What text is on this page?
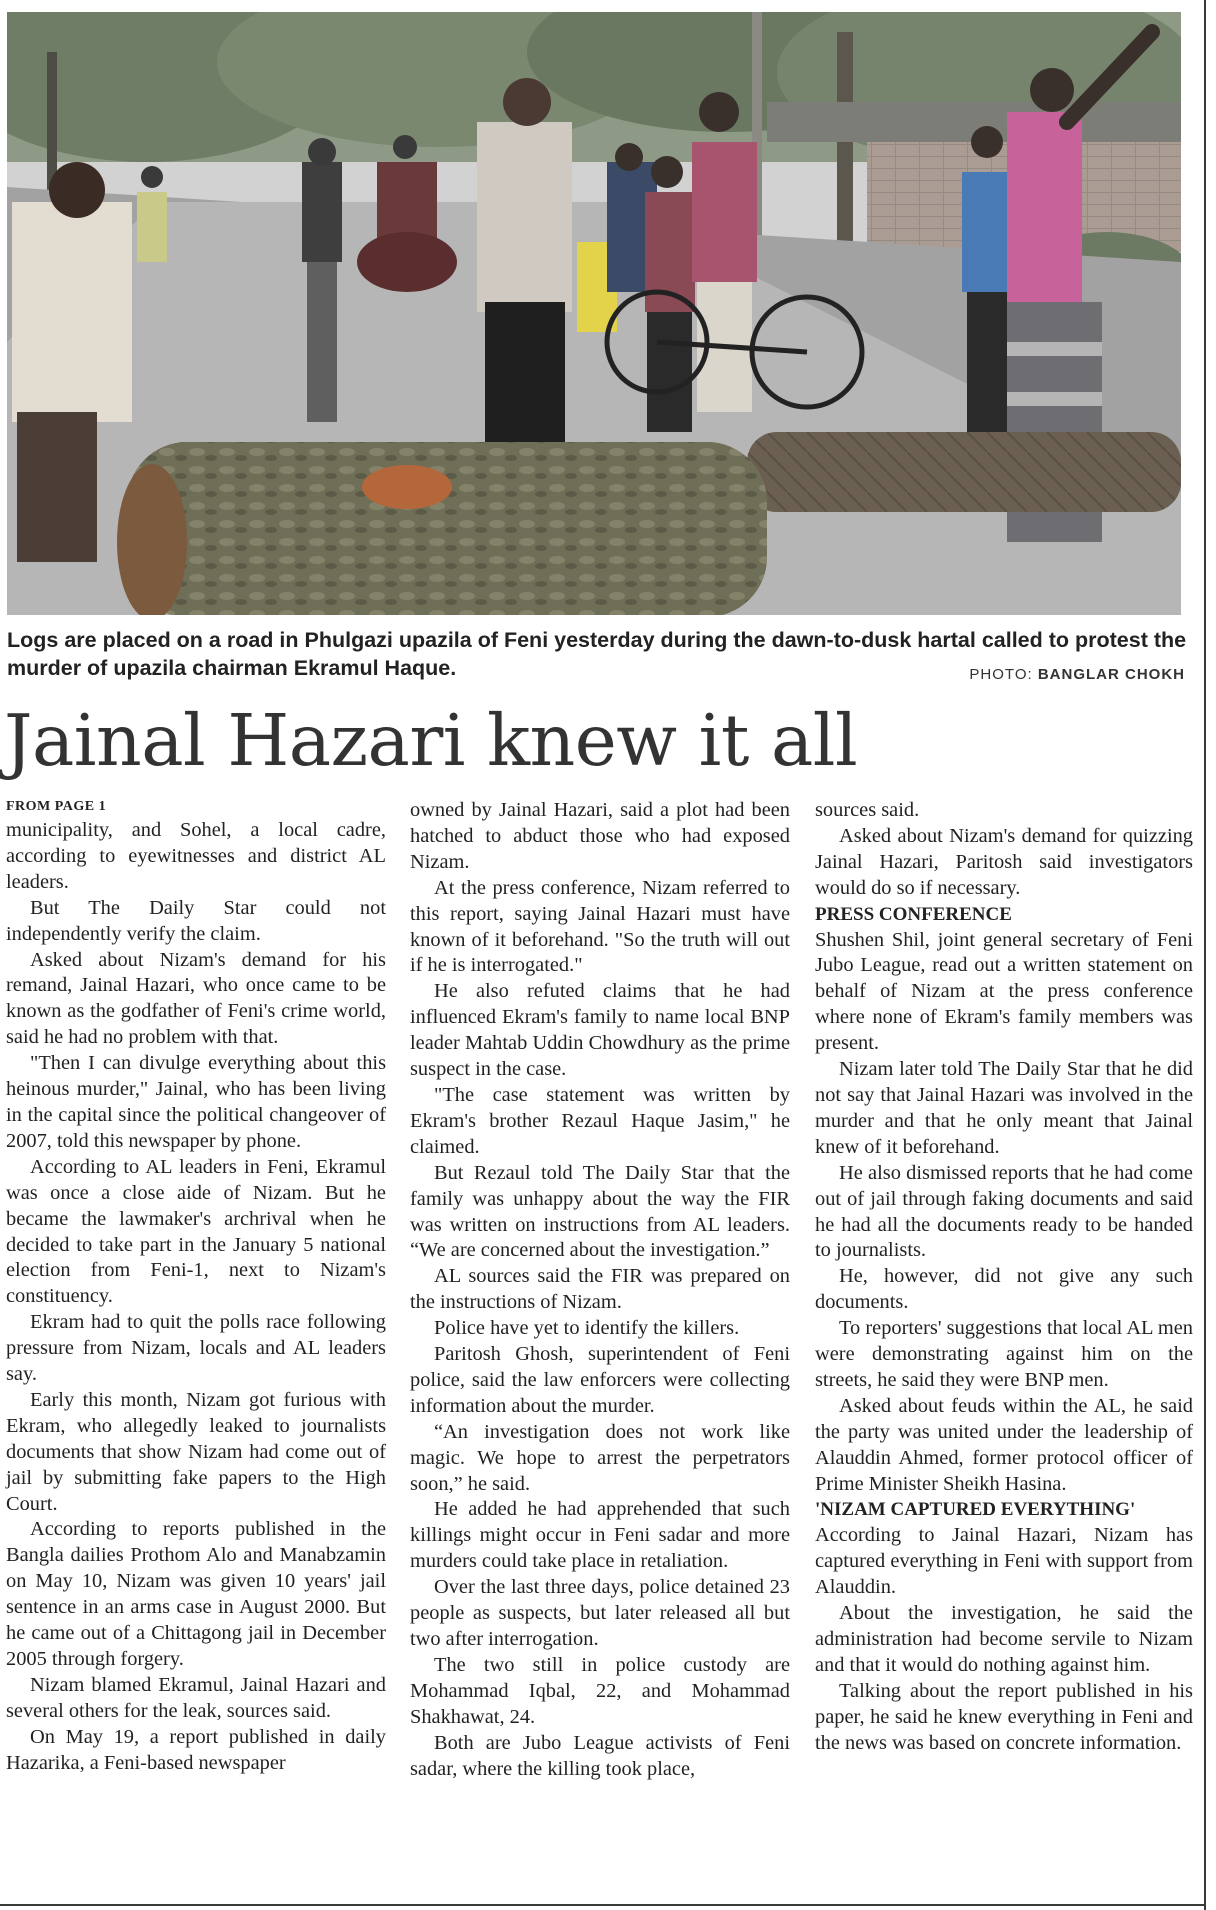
Logs are placed on a road in Phulgazi upazila of Feni yesterday during the dawn-to-dusk hartal called to protest the murder of upazila chairman Ekramul Haque.	PHOTO: BANGLAR CHOKH
Jainal Hazari knew it all
FROM PAGE 1

municipality, and Sohel, a local cadre, according to eyewitnesses and district AL leaders.

But The Daily Star could not independently verify the claim.

Asked about Nizam's demand for his remand, Jainal Hazari, who once came to be known as the godfather of Feni's crime world, said he had no problem with that.

"Then I can divulge everything about this heinous murder," Jainal, who has been living in the capital since the political changeover of 2007, told this newspaper by phone.

According to AL leaders in Feni, Ekramul was once a close aide of Nizam. But he became the lawmaker's archrival when he decided to take part in the January 5 national election from Feni-1, next to Nizam's constituency.

Ekram had to quit the polls race following pressure from Nizam, locals and AL leaders say.

Early this month, Nizam got furious with Ekram, who allegedly leaked to journalists documents that show Nizam had come out of jail by submitting fake papers to the High Court.

According to reports published in the Bangla dailies Prothom Alo and Manabzamin on May 10, Nizam was given 10 years' jail sentence in an arms case in August 2000. But he came out of a Chittagong jail in December 2005 through forgery.

Nizam blamed Ekramul, Jainal Hazari and several others for the leak, sources said.

On May 19, a report published in daily Hazarika, a Feni-based newspaper

owned by Jainal Hazari, said a plot had been hatched to abduct those who had exposed Nizam.

At the press conference, Nizam referred to this report, saying Jainal Hazari must have known of it beforehand. "So the truth will out if he is interrogated."

He also refuted claims that he had influenced Ekram's family to name local BNP leader Mahtab Uddin Chowdhury as the prime suspect in the case.

"The case statement was written by Ekram's brother Rezaul Haque Jasim," he claimed.

But Rezaul told The Daily Star that the family was unhappy about the way the FIR was written on instructions from AL leaders. “We are concerned about the investigation.”

AL sources said the FIR was prepared on the instructions of Nizam.

Police have yet to identify the killers.

Paritosh Ghosh, superintendent of Feni police, said the law enforcers were collecting information about the murder.

“An investigation does not work like magic. We hope to arrest the perpetrators soon,” he said.

He added he had apprehended that such killings might occur in Feni sadar and more murders could take place in retaliation.

Over the last three days, police detained 23 people as suspects, but later released all but two after interrogation.

The two still in police custody are Mohammad Iqbal, 22, and Mohammad Shakhawat, 24.

Both are Jubo League activists of Feni sadar, where the killing took place,

sources said.

Asked about Nizam's demand for quizzing Jainal Hazari, Paritosh said investigators would do so if necessary.

PRESS CONFERENCE

Shushen Shil, joint general secretary of Feni Jubo League, read out a written statement on behalf of Nizam at the press conference where none of Ekram's family members was present.

Nizam later told The Daily Star that he did not say that Jainal Hazari was involved in the murder and that he only meant that Jainal knew of it beforehand.

He also dismissed reports that he had come out of jail through faking documents and said he had all the documents ready to be handed to journalists.

He, however, did not give any such documents.

To reporters' suggestions that local AL men were demonstrating against him on the streets, he said they were BNP men.

Asked about feuds within the AL, he said the party was united under the leadership of Alauddin Ahmed, former protocol officer of Prime Minister Sheikh Hasina.

'NIZAM CAPTURED EVERYTHING'

According to Jainal Hazari, Nizam has captured everything in Feni with support from Alauddin.

About the investigation, he said the administration had become servile to Nizam and that it would do nothing against him.

Talking about the report published in his paper, he said he knew everything in Feni and the news was based on concrete information.
